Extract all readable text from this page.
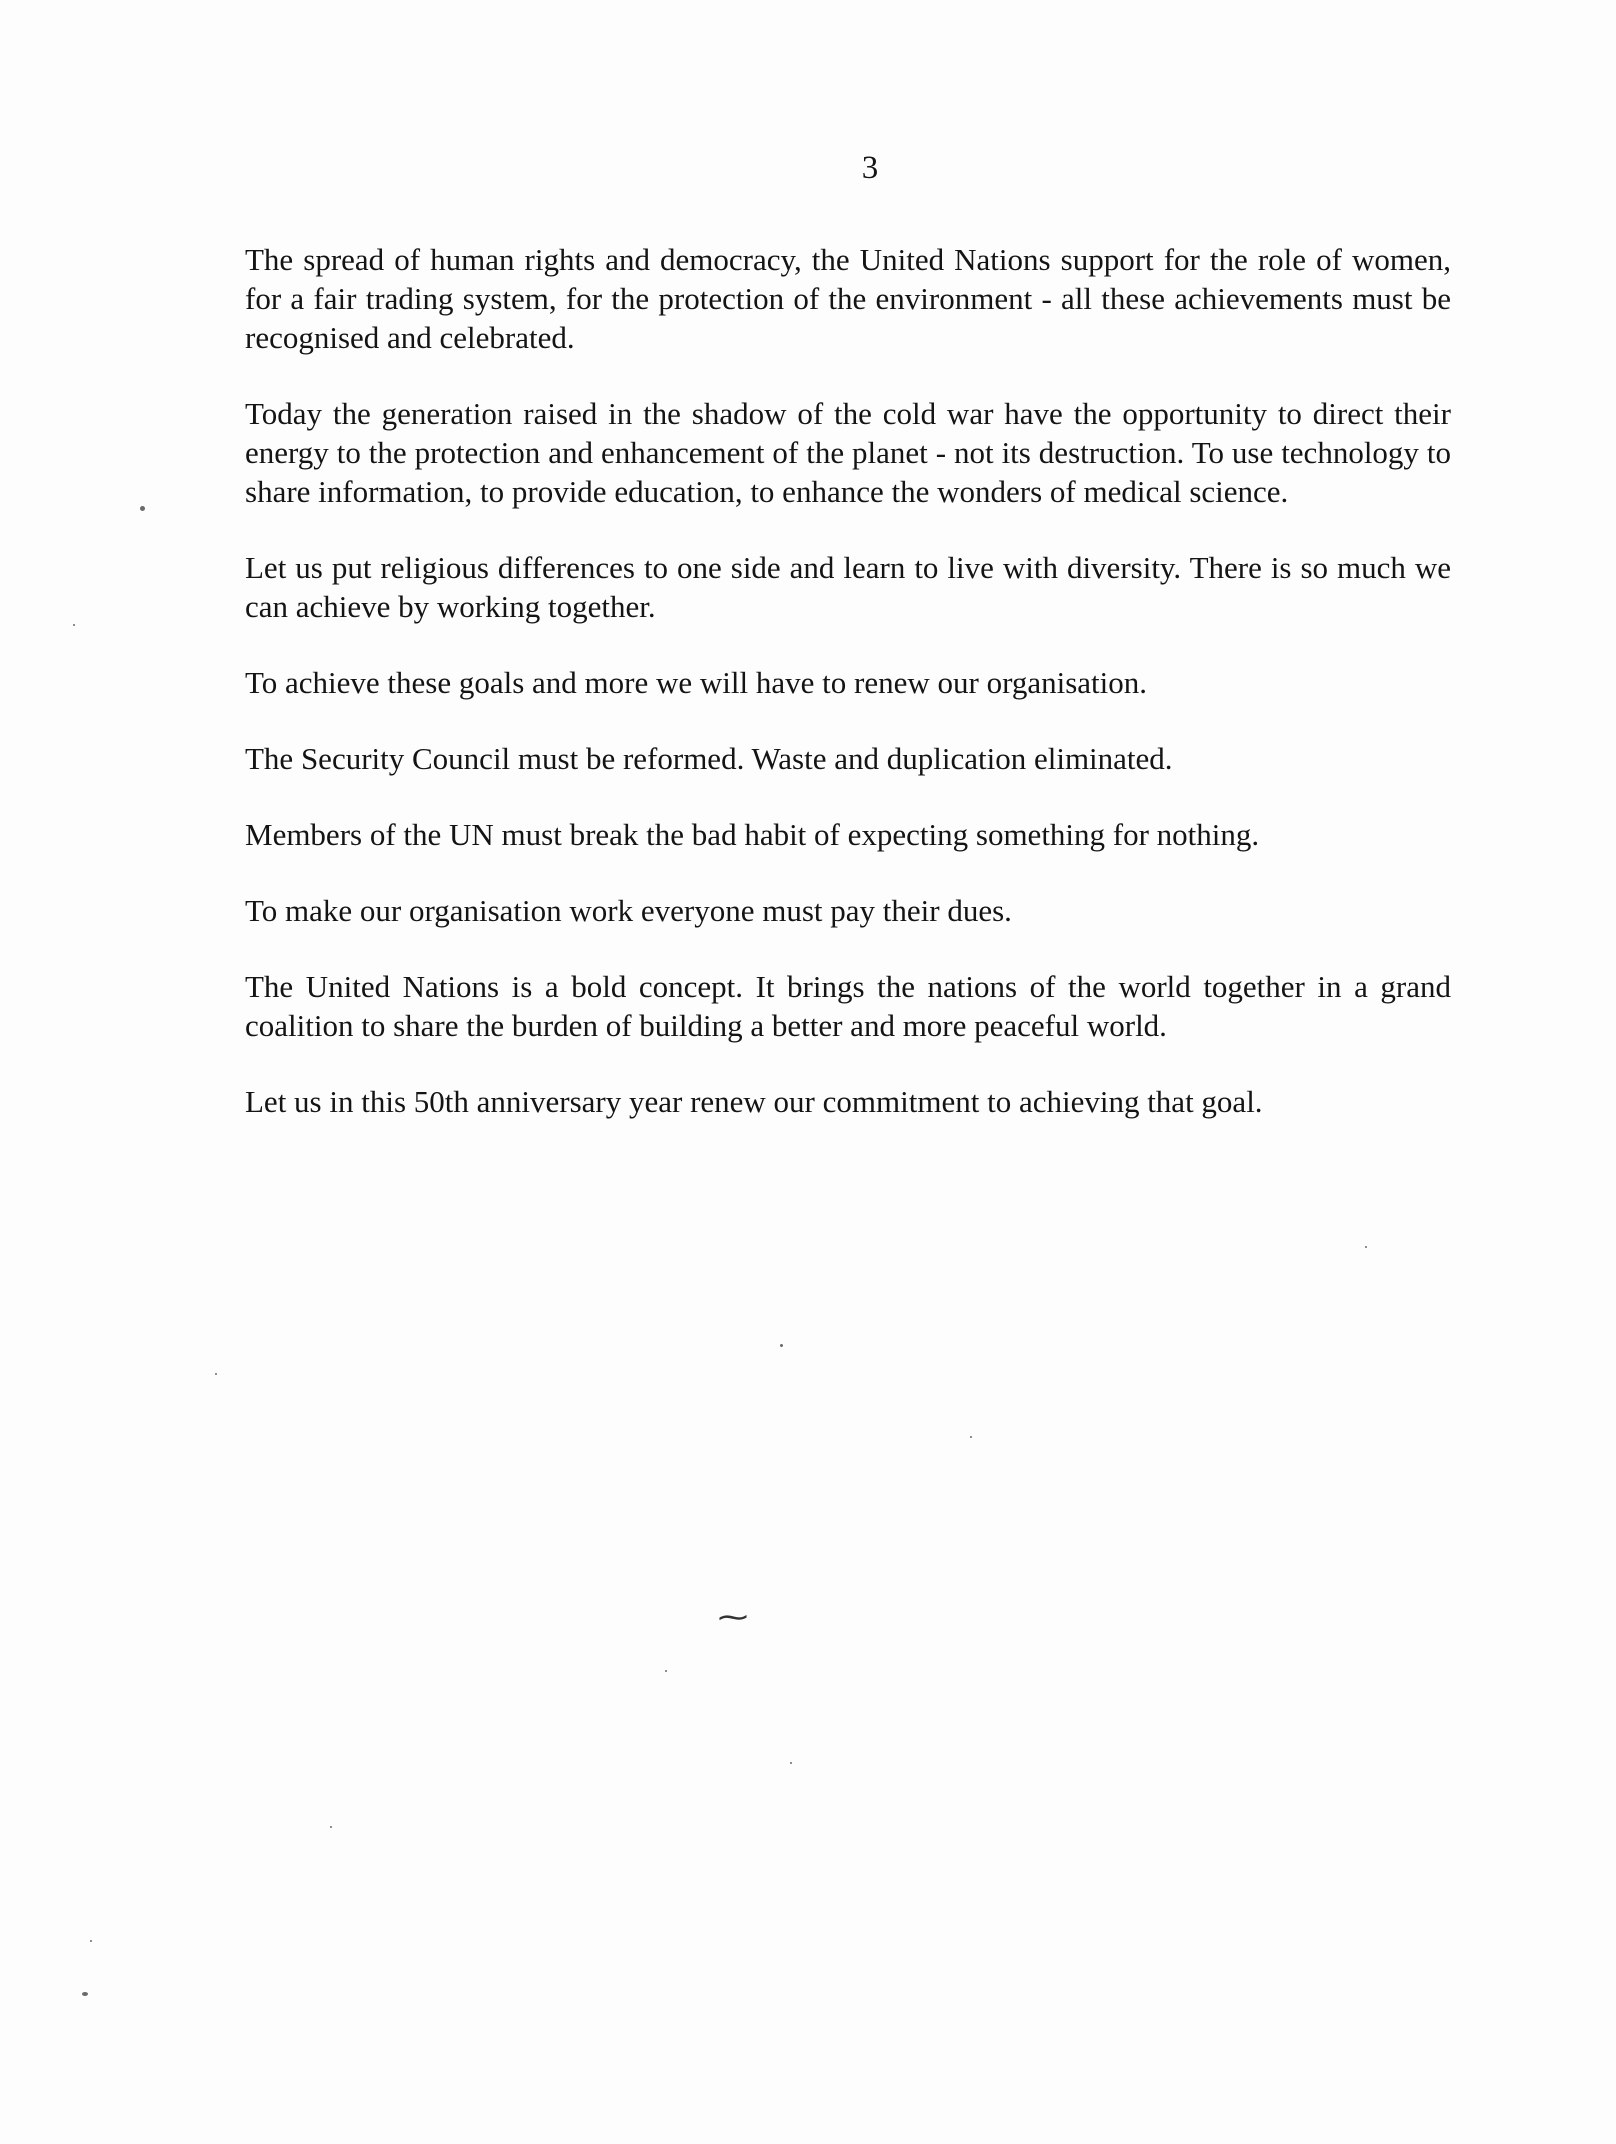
3

The spread of human rights and democracy, the United Nations support for the role of women, for a fair trading system, for the protection of the environment - all these achievements must be recognised and celebrated.

Today the generation raised in the shadow of the cold war have the opportunity to direct their energy to the protection and enhancement of the planet - not its destruction. To use technology to share information, to provide education, to enhance the wonders of medical science.

Let us put religious differences to one side and learn to live with diversity. There is so much we can achieve by working together.

To achieve these goals and more we will have to renew our organisation.

The Security Council must be reformed. Waste and duplication eliminated.

Members of the UN must break the bad habit of expecting something for nothing.

To make our organisation work everyone must pay their dues.

The United Nations is a bold concept. It brings the nations of the world together in a grand coalition to share the burden of building a better and more peaceful world.

Let us in this 50th anniversary year renew our commitment to achieving that goal.

⁓
